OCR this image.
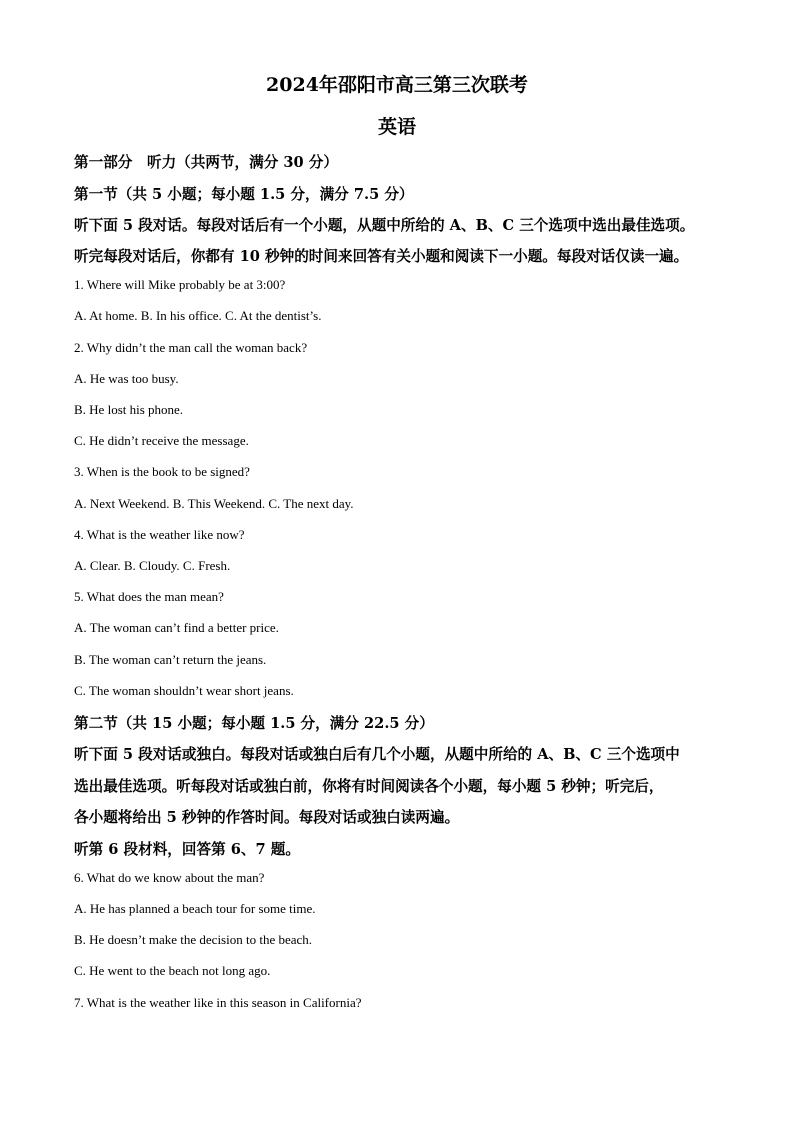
2024年邵阳市高三第三次联考
英语
第一部分　听力（共两节，满分 30 分）
第一节（共 5 小题；每小题 1.5 分，满分 7.5 分）
听下面 5 段对话。每段对话后有一个小题，从题中所给的 A、B、C 三个选项中选出最佳选项。
听完每段对话后，你都有 10 秒钟的时间来回答有关小题和阅读下一小题。每段对话仅读一遍。
1. Where will Mike probably be at 3:00?
A. At home. B. In his office. C. At the dentist’s.
2. Why didn’t the man call the woman back?
A. He was too busy.
B. He lost his phone.
C. He didn’t receive the message.
3. When is the book to be signed?
A. Next Weekend. B. This Weekend. C. The next day.
4. What is the weather like now?
A. Clear. B. Cloudy. C. Fresh.
5. What does the man mean?
A. The woman can’t find a better price.
B. The woman can’t return the jeans.
C. The woman shouldn’t wear short jeans.
第二节（共 15 小题；每小题 1.5 分，满分 22.5 分）
听下面 5 段对话或独白。每段对话或独白后有几个小题，从题中所给的 A、B、C 三个选项中
选出最佳选项。听每段对话或独白前，你将有时间阅读各个小题，每小题 5 秒钟；听完后，
各小题将给出 5 秒钟的作答时间。每段对话或独白读两遍。
听第 6 段材料，回答第 6、7 题。
6. What do we know about the man?
A. He has planned a beach tour for some time.
B. He doesn’t make the decision to the beach.
C. He went to the beach not long ago.
7. What is the weather like in this season in California?
